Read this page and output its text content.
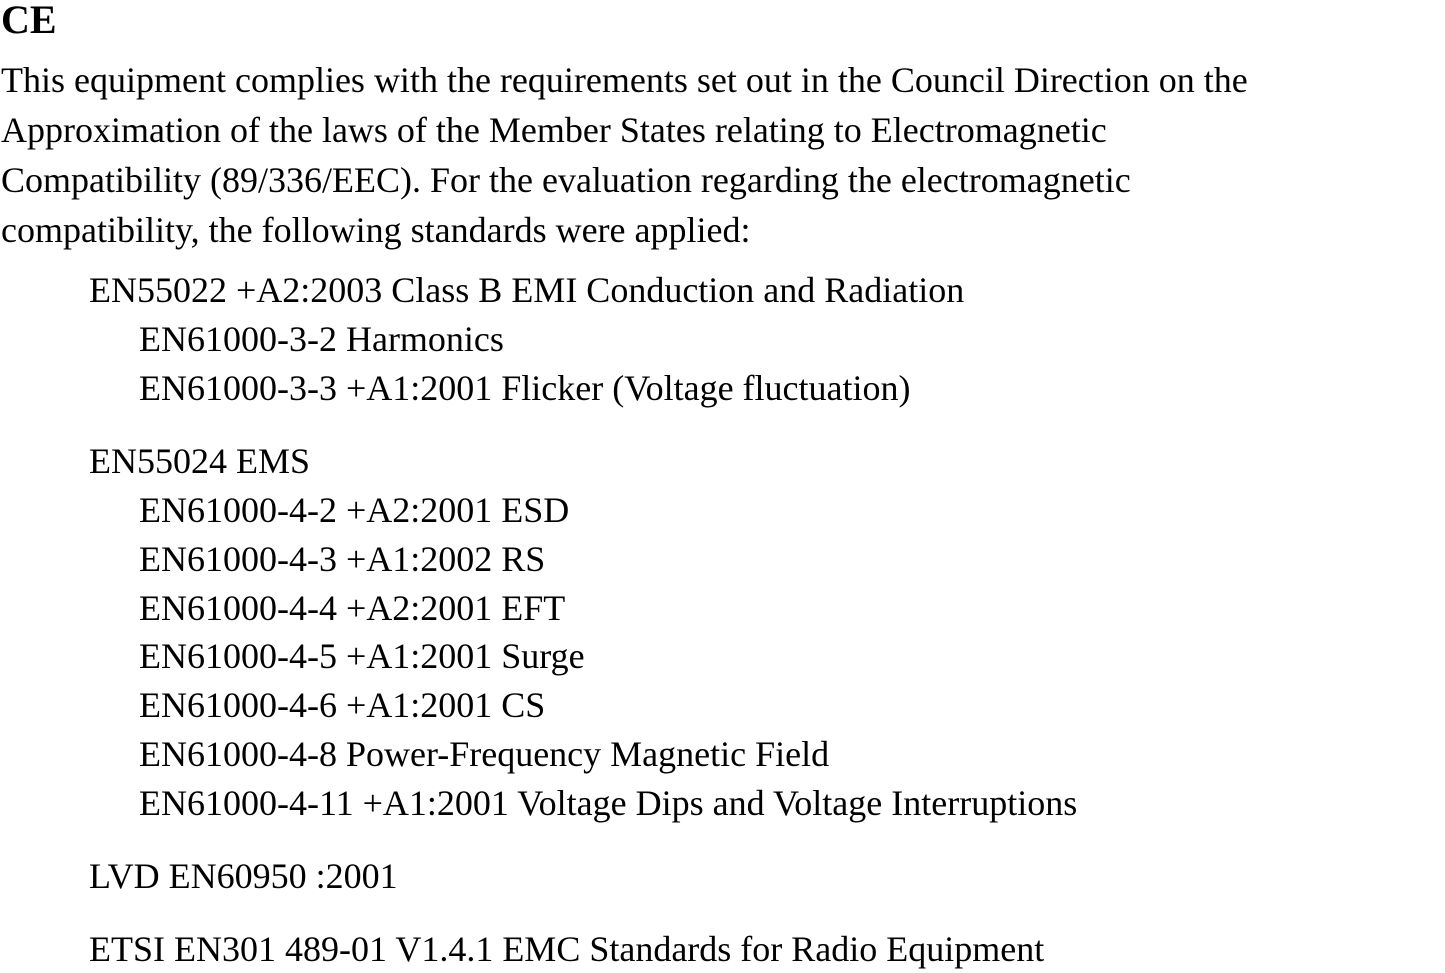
CE

This equipment complies with the requirements set out in the Council Direction on the
Approximation of the laws of the Member States relating to Electromagnetic
Compatibility (89/336/EEC). For the evaluation regarding the electromagnetic
compatibility, the following standards were applied:

EN55022 +A2:2003 Class B EMI Conduction and Radiation
EN61000-3-2 Harmonics
EN61000-3-3 +A1:2001 Flicker (Voltage fluctuation)
EN55024 EMS
EN61000-4-2 +A2:2001 ESD
EN61000-4-3 +A1:2002 RS
EN61000-4-4 +A2:2001 EFT
EN61000-4-5 +A1:2001 Surge
EN61000-4-6 +A1:2001 CS
EN61000-4-8 Power-Frequency Magnetic Field
EN61000-4-11 +A1:2001 Voltage Dips and Voltage Interruptions
LVD EN60950 :2001
ETSI EN301 489-01 V1.4.1 EMC Standards for Radio Equipment
